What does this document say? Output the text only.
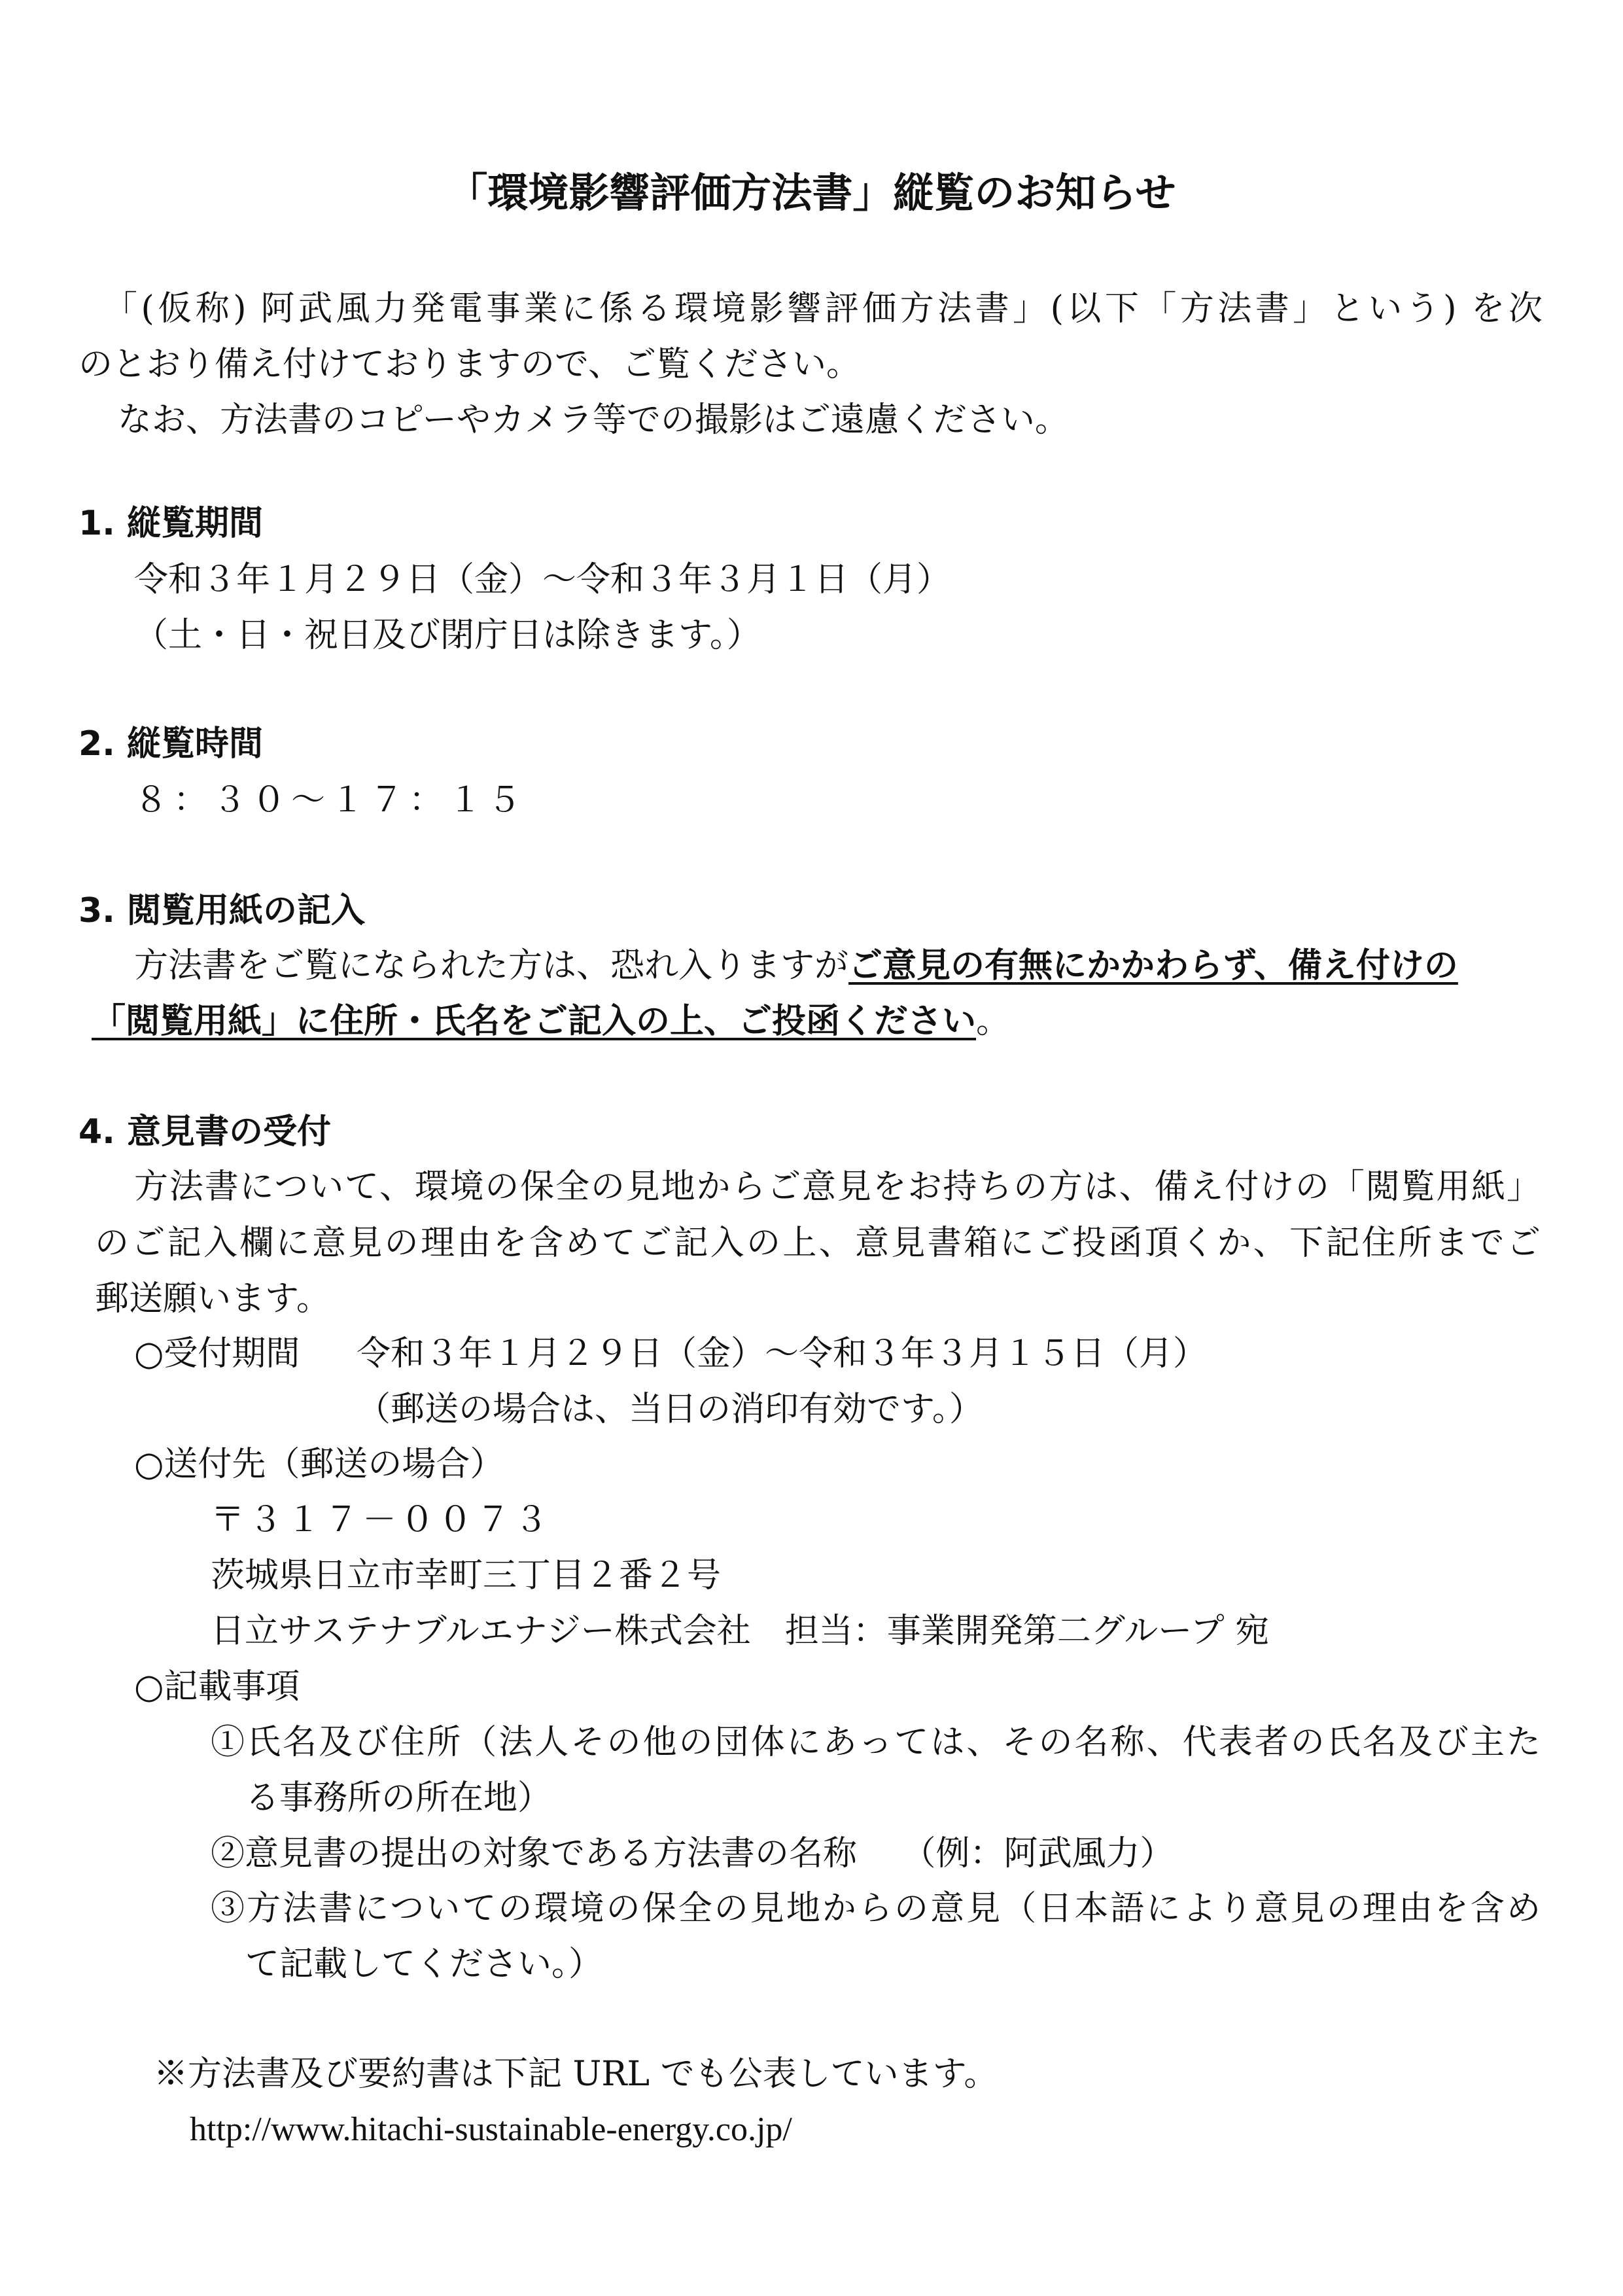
「環境影響評価方法書」縦覧のお知らせ
「(仮称) 阿武風力発電事業に係る環境影響評価方法書」(以下「方法書」という) を次
のとおり備え付けておりますので、ご覧ください。
なお、方法書のコピーやカメラ等での撮影はご遠慮ください。
1. 縦覧期間
令和３年１月２９日（金）～令和３年３月１日（月）
（土・日・祝日及び閉庁日は除きます。）
2. 縦覧時間
８：３０～１７：１５
3. 閲覧用紙の記入
方法書をご覧になられた方は、恐れ入りますがご意見の有無にかかわらず、備え付けの
「閲覧用紙」に住所・氏名をご記入の上、ご投函ください。
4. 意見書の受付
方法書について、環境の保全の見地からご意見をお持ちの方は、備え付けの「閲覧用紙」
のご記入欄に意見の理由を含めてご記入の上、意見書箱にご投函頂くか、下記住所までご
郵送願います。
○受付期間 令和３年１月２９日（金）～令和３年３月１５日（月）
（郵送の場合は、当日の消印有効です。）
○送付先（郵送の場合）
〒３１７－００７３
茨城県日立市幸町三丁目２番２号
日立サステナブルエナジー株式会社　担当：事業開発第二グループ 宛
○記載事項
①氏名及び住所（法人その他の団体にあっては、その名称、代表者の氏名及び主た
る事務所の所在地）
②意見書の提出の対象である方法書の名称　 （例：阿武風力）
③方法書についての環境の保全の見地からの意見（日本語により意見の理由を含め
て記載してください。）
※方法書及び要約書は下記 URL でも公表しています。
http://www.hitachi-sustainable-energy.co.jp/
